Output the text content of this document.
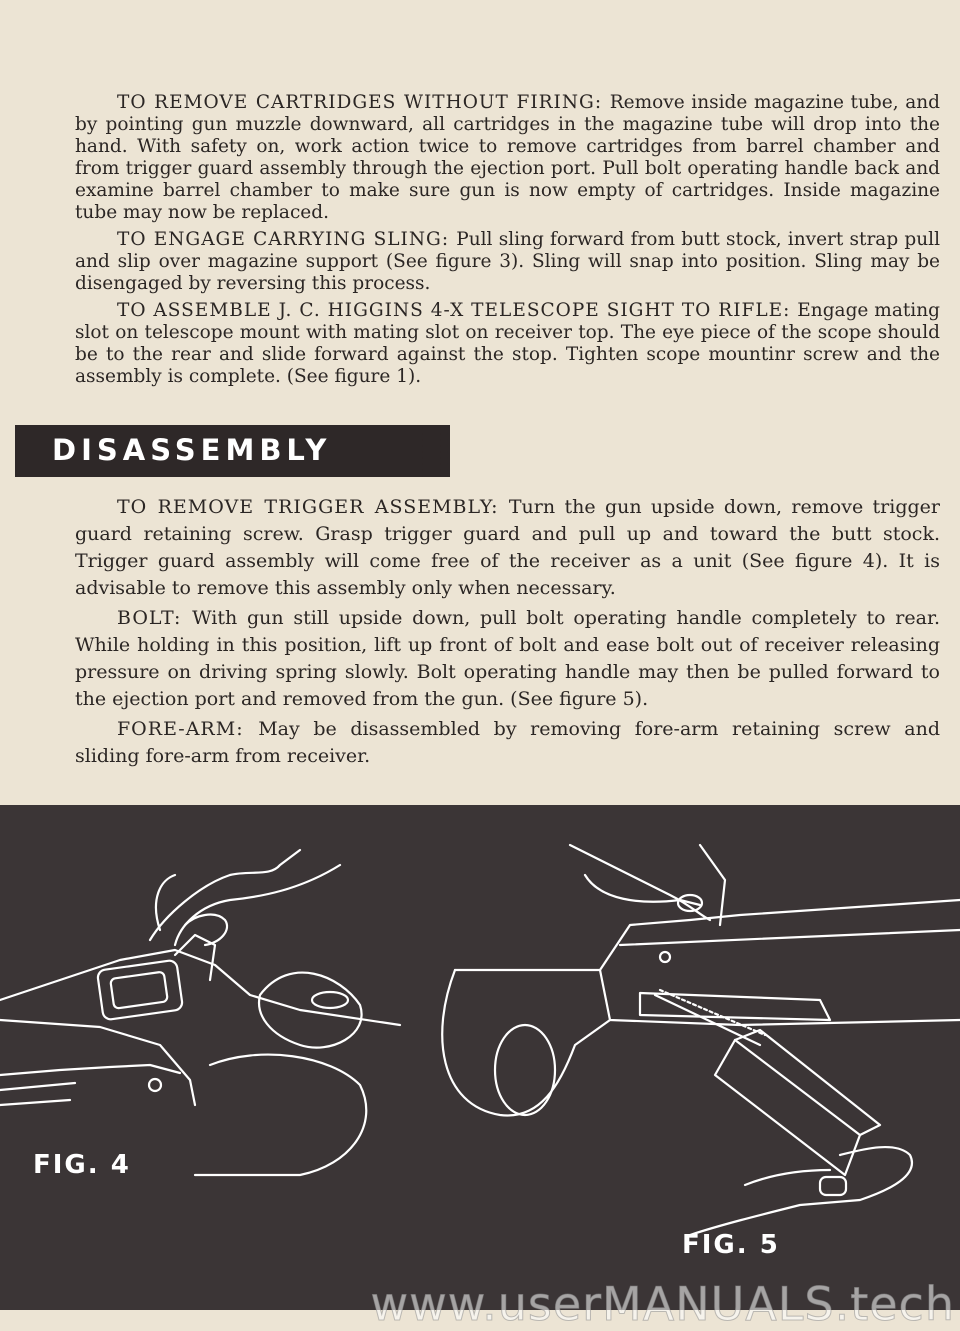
TO REMOVE CARTRIDGES WITHOUT FIRING: Remove inside magazine tube, and by pointing gun muzzle downward, all cartridges in the magazine tube will drop into the hand. With safety on, work action twice to remove cartridges from barrel chamber and from trigger guard assembly through the ejection port. Pull bolt operating handle back and examine barrel chamber to make sure gun is now empty of cartridges. Inside magazine tube may now be replaced.

TO ENGAGE CARRYING SLING: Pull sling forward from butt stock, invert strap pull and slip over magazine support (See figure 3). Sling will snap into position. Sling may be disengaged by reversing this process.

TO ASSEMBLE J. C. HIGGINS 4-X TELESCOPE SIGHT TO RIFLE: Engage mating slot on telescope mount with mating slot on receiver top. The eye piece of the scope should be to the rear and slide forward against the stop. Tighten scope mountinr screw and the assembly is complete. (See figure 1).

DISASSEMBLY

TO REMOVE TRIGGER ASSEMBLY: Turn the gun upside down, remove trigger guard retaining screw. Grasp trigger guard and pull up and toward the butt stock. Trigger guard assembly will come free of the receiver as a unit (See figure 4). It is advisable to remove this assembly only when necessary.

BOLT: With gun still upside down, pull bolt operating handle completely to rear. While holding in this position, lift up front of bolt and ease bolt out of receiver releasing pressure on driving spring slowly. Bolt operating handle may then be pulled forward to the ejection port and removed from the gun. (See figure 5).

FORE-ARM: May be disassembled by removing fore-arm retaining screw and sliding fore-arm from receiver.

FIG. 4
FIG. 5
www.userMANUALS.tech
